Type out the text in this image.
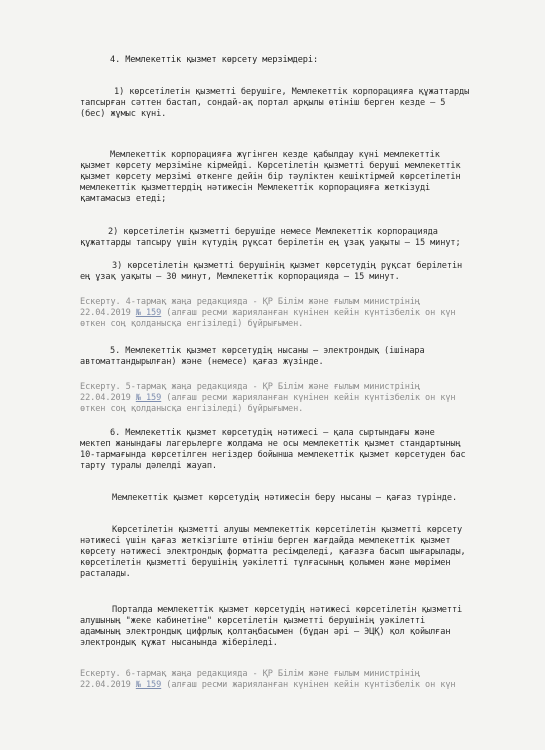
4. Мемлекеттік қызмет көрсету мерзімдері:
1) көрсетілетін қызметті берушіге, Мемлекеттік корпорацияға құжаттарды
тапсырған сәттен бастап, сондай-ақ портал арқылы өтініш берген кезде – 5
(бес) жұмыс күні.
Мемлекеттік корпорацияға жүгінген кезде қабылдау күні мемлекеттік
қызмет көрсету мерзіміне кірмейді. Көрсетілетін қызметті беруші мемлекеттік
қызмет көрсету мерзімі өткенге дейін бір тәуліктен кешіктірмей көрсетілетін
мемлекеттік қызметтердің нәтижесін Мемлекеттік корпорацияға жеткізуді
қамтамасыз етеді;
2) көрсетілетін қызметті берушіде немесе Мемлекеттік корпорацияда
құжаттарды тапсыру үшін күтудің рұқсат берілетін ең ұзақ уақыты – 15 минут;
3) көрсетілетін қызметті берушінің қызмет көрсетудің рұқсат берілетін
ең ұзақ уақыты – 30 минут, Мемлекеттік корпорацияда – 15 минут.
Ескерту. 4-тармақ жаңа редакцияда - ҚР Білім және ғылым министрінің
22.04.2019 № 159 (алғаш ресми жарияланған күнінен кейін күнтізбелік он күн
өткен соң қолданысқа енгізіледі) бұйрығымен.
5. Мемлекеттік қызмет көрсетудің нысаны – электрондық (ішінара
автоматтандырылған) және (немесе) қағаз жүзінде.
Ескерту. 5-тармақ жаңа редакцияда - ҚР Білім және ғылым министрінің
22.04.2019 № 159 (алғаш ресми жарияланған күнінен кейін күнтізбелік он күн
өткен соң қолданысқа енгізіледі) бұйрығымен.
6. Мемлекеттік қызмет көрсетудің нәтижесі – қала сыртындағы және
мектеп жанындағы лагерьлерге жолдама не осы мемлекеттік қызмет стандартының
10-тармағында көрсетілген негіздер бойынша мемлекеттік қызмет көрсетуден бас
тарту туралы дәлелді жауап.
Мемлекеттік қызмет көрсетудің нәтижесін беру нысаны – қағаз түрінде.
Көрсетілетін қызметті алушы мемлекеттік көрсетілетін қызметті көрсету
нәтижесі үшін қағаз жеткізгіште өтініш берген жағдайда мемлекеттік қызмет
көрсету нәтижесі электрондық форматта ресімделеді, қағазға басып шығарылады,
көрсетілетін қызметті берушінің уәкілетті тұлғасының қолымен және мөрімен
расталады.
Порталда мемлекеттік қызмет көрсетудің нәтижесі көрсетілетін қызметті
алушының "жеке кабинетіне" көрсетілетін қызметті берушінің уәкілетті
адамының электрондық цифрлық қолтаңбасымен (бұдан әрі – ЭЦҚ) қол қойылған
электрондық құжат нысанында жіберіледі.
Ескерту. 6-тармақ жаңа редакцияда - ҚР Білім және ғылым министрінің
22.04.2019 № 159 (алғаш ресми жарияланған күнінен кейін күнтізбелік он күн
